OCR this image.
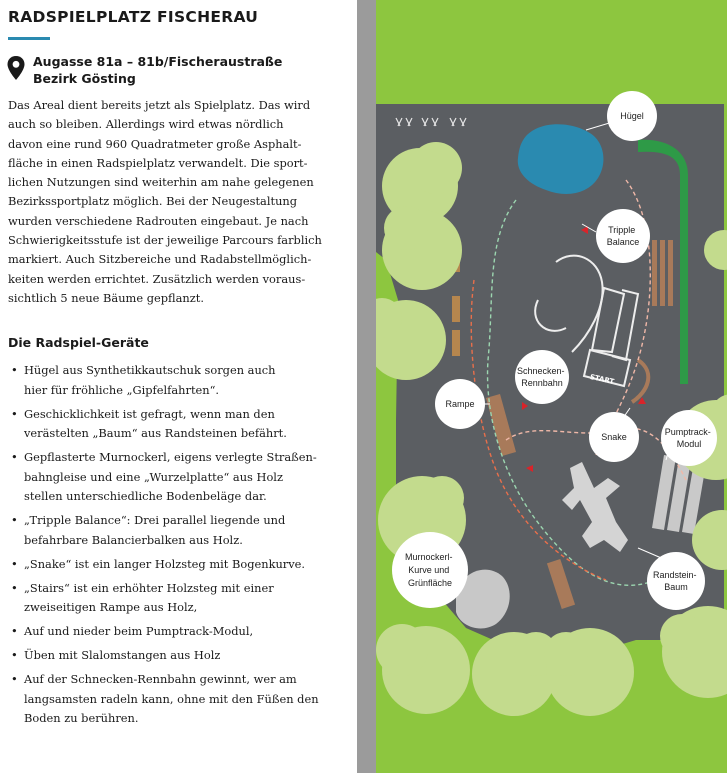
RADSPIELPLATZ FISCHERAU
Augasse 81a – 81b/Fischeraustraße
Bezirk Gösting
Das Areal dient bereits jetzt als Spielplatz. Das wird
auch so bleiben. Allerdings wird etwas nördlich
davon eine rund 960 Quadratmeter große Asphalt-
fläche in einen Radspielplatz verwandelt. Die sport-
lichen Nutzungen sind weiterhin am nahe gelegenen
Bezirkssportplatz möglich. Bei der Neugestaltung
wurden verschiedene Radrouten eingebaut. Je nach
Schwierigkeitsstufe ist der jeweilige Parcours farblich
markiert. Auch Sitzbereiche und Radabstellmöglich-
keiten werden errichtet. Zusätzlich werden voraus-
sichtlich 5 neue Bäume gepflanzt.
Die Radspiel-Geräte
• Hügel aus Synthetikkautschuk sorgen auch
hier für fröhliche „Gipfelfahrten“.
• Geschicklichkeit ist gefragt, wenn man den
verästelten „Baum“ aus Randsteinen befährt.
• Gepflasterte Murnockerl, eigens verlegte Straßen-
bahngleise und eine „Wurzelplatte“ aus Holz
stellen unterschiedliche Bodenbeläge dar.
• „Tripple Balance“: Drei parallel liegende und
befahrbare Balancierbalken aus Holz.
• „Snake“ ist ein langer Holzsteg mit Bogenkurve.
• „Stairs“ ist ein erhöhter Holzsteg mit einer
zweiseitigen Rampe aus Holz,
• Auf und nieder beim Pumptrack-Modul,
• Üben mit Slalomstangen aus Holz
• Auf der Schnecken-Rennbahn gewinnt, wer am
langsamsten radeln kann, ohne mit den Füßen den
Boden zu berühren.
START
Hügel
Tripple Balance
Schnecken- Rennbahn
Rampe
Snake	Pumptrack- Modul
Murnockerl- Kurve und Grünfläche
Randstein- Baum
